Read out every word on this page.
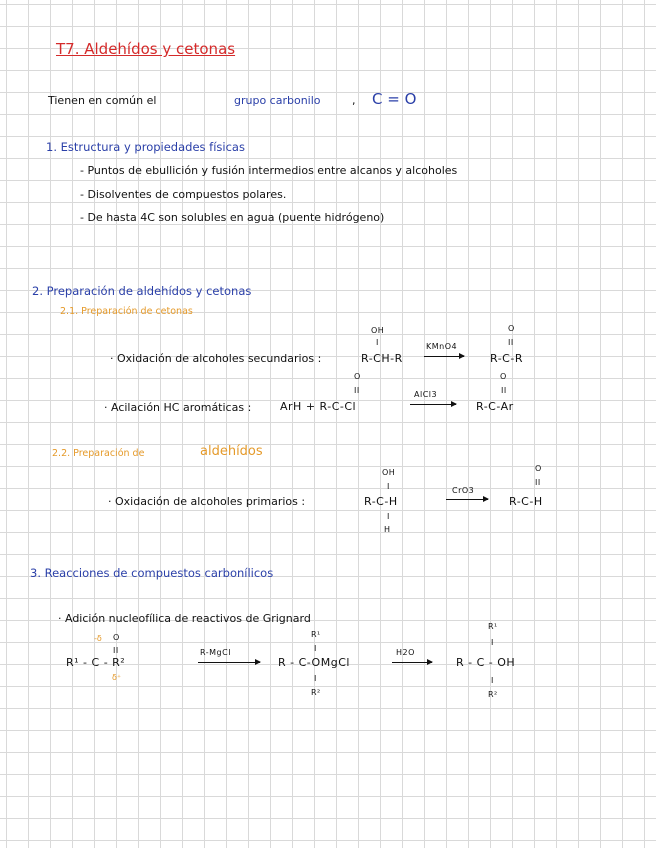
T7. Aldehídos y cetonas
Tienen en común el	grupo carbonilo	, C = O
1. Estructura y propiedades físicas
- Puntos de ebullición y fusión intermedios entre alcanos y alcoholes
- Disolventes de compuestos polares.
- De hasta 4C son solubles en agua (puente hidrógeno)
2. Preparación de aldehídos y cetonas
2.1. Preparación de cetonas
· Oxidación de alcoholes secundarios :
OH
I
R-CH-R
KMnO4
O
II
R-C-R
· Acilación HC aromáticas :
O
II
ArH + R-C-Cl
AlCl3
O
II
R-C-Ar
2.2. Preparación de	aldehídos
· Oxidación de alcoholes primarios :
OH
I
R-C-H
I
H
CrO3
O
II
R-C-H
3. Reacciones de compuestos carbonílicos
· Adición nucleofílica de reactivos de Grignard
-δ O
II
R¹ - C - R²
δ⁺
R-MgCl
R¹
I
R - C-OMgCl
I
R²
H2O
R¹
I
R - C - OH
I
R²
